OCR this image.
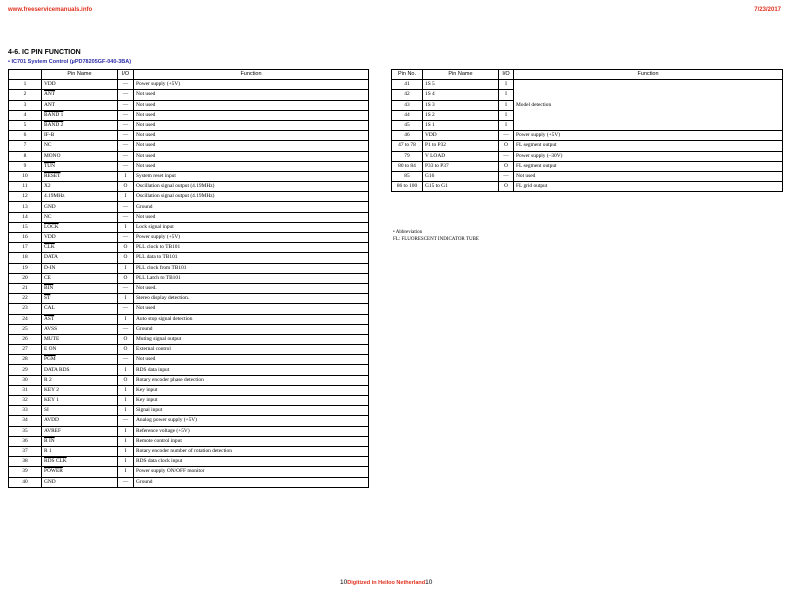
www.freeservicemanuals.info	7/23/2017
4-6. IC PIN FUNCTION
• IC701 System Control (µPD78205GF-040-3BA)
	Pin Name	I/O	Function
1	VDD	—	Power supply (+5V)
2	$\overline{ANT}$	—	Not used
3	ANT	—	Not used
4	BAND 1	—	Not used
5	BAND 2	—	Not used
6	IF-B	—	Not used
7	NC	—	Not used
8	MONO	—	Not used
9	$\overline{TUN}$	—	Not used
10	RESET	I	System reset input
11	X2	O	Oscillation signal output (4.19MHz)
12	4.19MHz	I	Oscillation signal output (4.19MHz)
13	GND	—	Ground
14	NC	—	Not used
15	LOCK	I	Lock signal input
16	VDD	—	Power supply (+5V)
17	$\overline{CLK}$	O	PLL clock to TB101
18	DATA	O	PLL data to TB101
19	D-IN	I	PLL clock from TB101
20	CE	O	PLL Latch to TB101
21	$\overline{BIN}$	—	Not used.
22	$\overline{ST}$	I	Stereo display detection.
23	CAL	—	Not used
24	$\overline{AST}$	I	Auto stop signal detection
25	AVSS	—	Ground
26	MUTE	O	Muting signal output
27	E ON	O	External control
28	$\overline{PGM}$	—	Not used
29	DATA RDS	I	RDS data input
30	R 2	O	Rotary encoder phase detection
31	KEY 2	I	Key input
32	KEY 1	I	Key input
33	SI	I	Signal input
34	AVDD	—	Analog power supply (+5V)
35	AVREF	I	Reference voltage (+5V)
36	R IN	I	Remote control input
37	R 1	I	Rotary encoder number of rotation detection
38	RDS CLK	I	RDS data clock input
39	POWER	I	Power supply ON/OFF monitor
40	GND	—	Ground
Pin No.	Pin Name	I/O	Function
41	1S 5	I	Model detection
42	1S 4	I	
43	1S 3	I	
44	1S 2	I	
45	1S 1	I	
46	VDD	—	Power supply (+5V)
47 to 78	P1 to P32	O	FL segment output
79	V LOAD	—	Power supply (–30V)
80 to 84	P33 to P37	O	FL segment output
85	G16	—	Not used
86 to 100	G15 to G1	O	FL grid output
• Abbreviation
FL: FLUORESCENT INDICATOR TUBE
10Digitized in Heiloo Netherland10
